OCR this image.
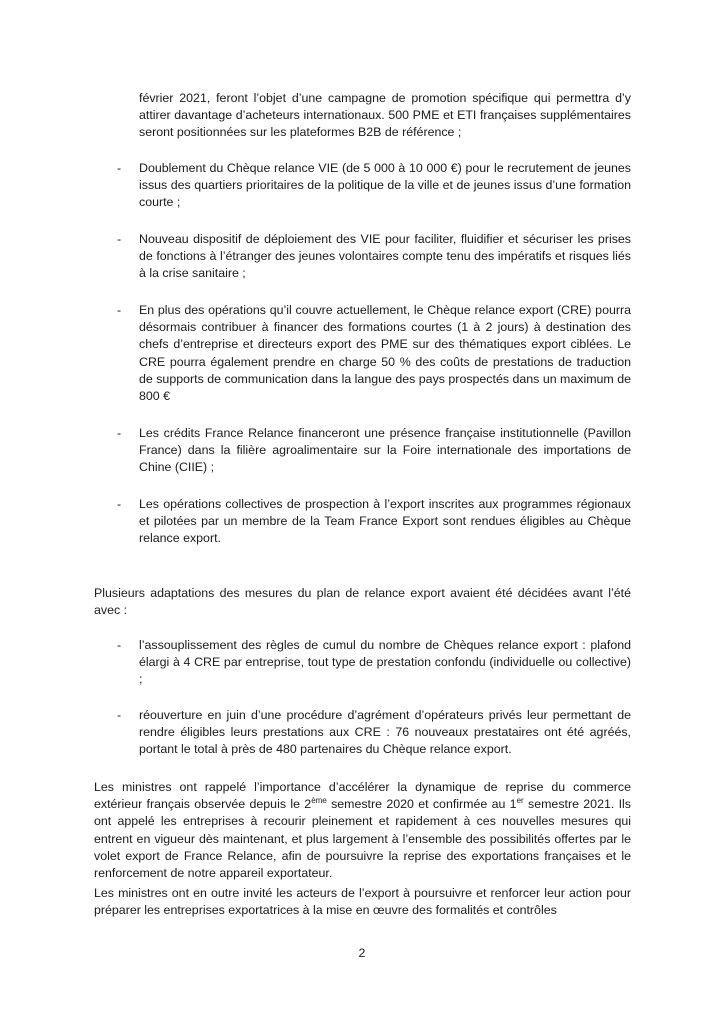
février 2021, feront l’objet d’une campagne de promotion spécifique qui permettra d’y attirer davantage d’acheteurs internationaux. 500 PME et ETI françaises supplémentaires seront positionnées sur les plateformes B2B de référence ;

- Doublement du Chèque relance VIE (de 5 000 à 10 000 €) pour le recrutement de jeunes issus des quartiers prioritaires de la politique de la ville et de jeunes issus d’une formation courte ;

- Nouveau dispositif de déploiement des VIE pour faciliter, fluidifier et sécuriser les prises de fonctions à l’étranger des jeunes volontaires compte tenu des impératifs et risques liés à la crise sanitaire ;

- En plus des opérations qu’il couvre actuellement, le Chèque relance export (CRE) pourra désormais contribuer à financer des formations courtes (1 à 2 jours) à destination des chefs d’entreprise et directeurs export des PME sur des thématiques export ciblées. Le CRE pourra également prendre en charge 50 % des coûts de prestations de traduction de supports de communication dans la langue des pays prospectés dans un maximum de 800 €

- Les crédits France Relance financeront une présence française institutionnelle (Pavillon France) dans la filière agroalimentaire sur la Foire internationale des importations de Chine (CIIE) ;

- Les opérations collectives de prospection à l’export inscrites aux programmes régionaux et pilotées par un membre de la Team France Export sont rendues éligibles au Chèque relance export.

Plusieurs adaptations des mesures du plan de relance export avaient été décidées avant l’été avec :

- l’assouplissement des règles de cumul du nombre de Chèques relance export : plafond élargi à 4 CRE par entreprise, tout type de prestation confondu (individuelle ou collective) ;

- réouverture en juin d’une procédure d’agrément d’opérateurs privés leur permettant de rendre éligibles leurs prestations aux CRE : 76 nouveaux prestataires ont été agréés, portant le total à près de 480 partenaires du Chèque relance export.

Les ministres ont rappelé l’importance d’accélérer la dynamique de reprise du commerce extérieur français observée depuis le 2ème semestre 2020 et confirmée au 1er semestre 2021. Ils ont appelé les entreprises à recourir pleinement et rapidement à ces nouvelles mesures qui entrent en vigueur dès maintenant, et plus largement à l’ensemble des possibilités offertes par le volet export de France Relance, afin de poursuivre la reprise des exportations françaises et le renforcement de notre appareil exportateur.

Les ministres ont en outre invité les acteurs de l’export à poursuivre et renforcer leur action pour préparer les entreprises exportatrices à la mise en œuvre des formalités et contrôles

2
